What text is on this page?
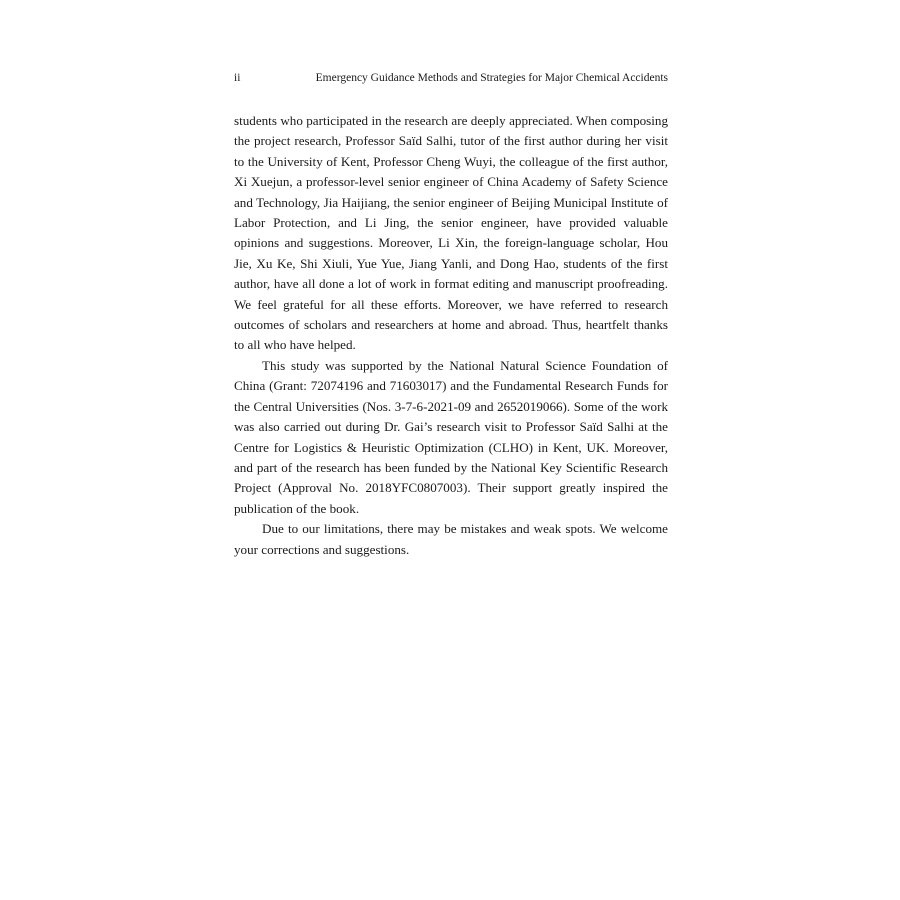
ii	Emergency Guidance Methods and Strategies for Major Chemical Accidents

students who participated in the research are deeply appreciated. When composing the project research, Professor Saïd Salhi, tutor of the first author during her visit to the University of Kent, Professor Cheng Wuyi, the colleague of the first author, Xi Xuejun, a professor-level senior engineer of China Academy of Safety Science and Technology, Jia Haijiang, the senior engineer of Beijing Municipal Institute of Labor Protection, and Li Jing, the senior engineer, have provided valuable opinions and suggestions. Moreover, Li Xin, the foreign-language scholar, Hou Jie, Xu Ke, Shi Xiuli, Yue Yue, Jiang Yanli, and Dong Hao, students of the first author, have all done a lot of work in format editing and manuscript proofreading. We feel grateful for all these efforts. Moreover, we have referred to research outcomes of scholars and researchers at home and abroad. Thus, heartfelt thanks to all who have helped.

This study was supported by the National Natural Science Foundation of China (Grant: 72074196 and 71603017) and the Fundamental Research Funds for the Central Universities (Nos. 3-7-6-2021-09 and 2652019066). Some of the work was also carried out during Dr. Gai’s research visit to Professor Saïd Salhi at the Centre for Logistics & Heuristic Optimization (CLHO) in Kent, UK. Moreover, and part of the research has been funded by the National Key Scientific Research Project (Approval No. 2018YFC0807003). Their support greatly inspired the publication of the book.

Due to our limitations, there may be mistakes and weak spots. We welcome your corrections and suggestions.
